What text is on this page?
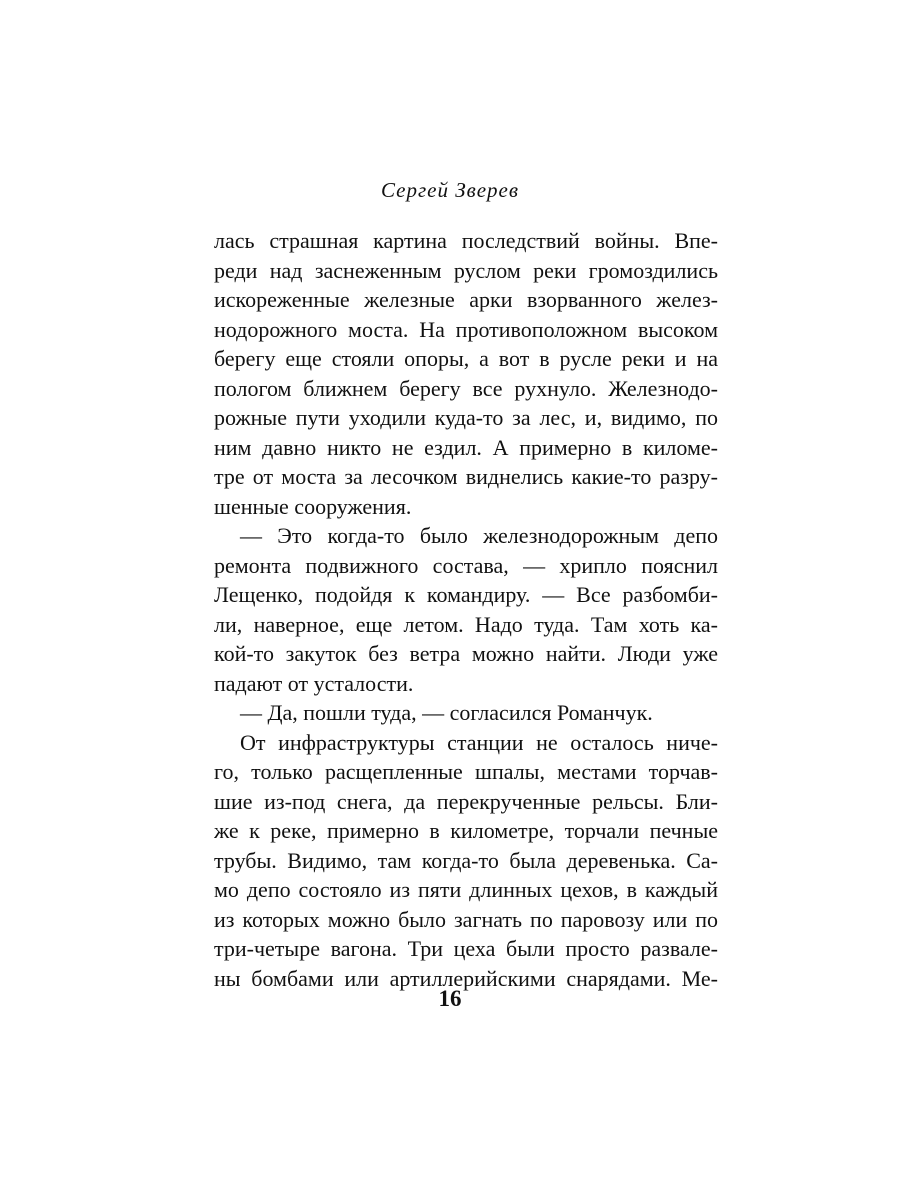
Сергей Зверев
лась страшная картина последствий войны. Впе-
реди над заснеженным руслом реки громоздились
искореженные железные арки взорванного желез-
нодорожного моста. На противоположном высоком
берегу еще стояли опоры, а вот в русле реки и на
пологом ближнем берегу все рухнуло. Железнодо-
рожные пути уходили куда-то за лес, и, видимо, по
ним давно никто не ездил. А примерно в киломе-
тре от моста за лесочком виднелись какие-то разру-
шенные сооружения.
— Это когда-то было железнодорожным депо
ремонта подвижного состава, — хрипло пояснил
Лещенко, подойдя к командиру. — Все разбомби-
ли, наверное, еще летом. Надо туда. Там хоть ка-
кой-то закуток без ветра можно найти. Люди уже
падают от усталости.
— Да, пошли туда, — согласился Романчук.
От инфраструктуры станции не осталось ниче-
го, только расщепленные шпалы, местами торчав-
шие из-под снега, да перекрученные рельсы. Бли-
же к реке, примерно в километре, торчали печные
трубы. Видимо, там когда-то была деревенька. Са-
мо депо состояло из пяти длинных цехов, в каждый
из которых можно было загнать по паровозу или по
три-четыре вагона. Три цеха были просто развале-
ны бомбами или артиллерийскими снарядами. Ме-
16
